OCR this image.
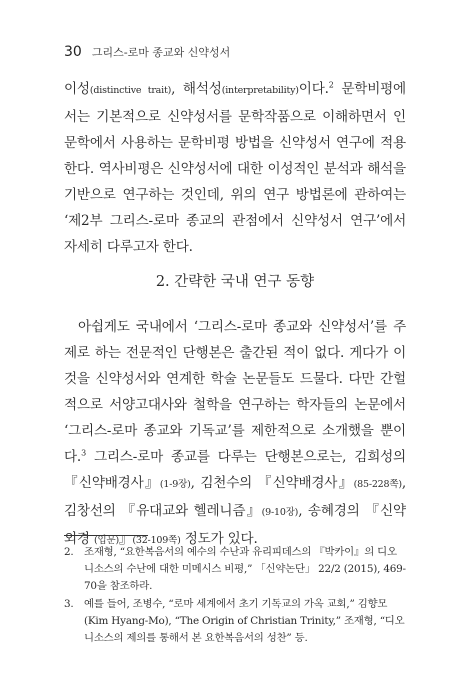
30 그리스-로마 종교와 신약성서

이성(distinctive trait), 해석성(interpretability)이다.$^2$ 문학비평에서는 기본적으로 신약성서를 문학작품으로 이해하면서 인문학에서 사용하는 문학비평 방법을 신약성서 연구에 적용한다. 역사비평은 신약성서에 대한 이성적인 분석과 해석을 기반으로 연구하는 것인데, 위의 연구 방법론에 관하여는 ‘제2부 그리스-로마 종교의 관점에서 신약성서 연구’에서 자세히 다루고자 한다.

2. 간략한 국내 연구 동향

아쉽게도 국내에서 ‘그리스-로마 종교와 신약성서’를 주제로 하는 전문적인 단행본은 출간된 적이 없다. 게다가 이것을 신약성서와 연계한 학술 논문들도 드물다. 다만 간헐적으로 서양고대사와 철학을 연구하는 학자들의 논문에서 ‘그리스-로마 종교와 기독교’를 제한적으로 소개했을 뿐이다.$^3$ 그리스-로마 종교를 다루는 단행본으로는, 김희성의 『신약배경사』(1-9장), 김천수의 『신약배경사』(85-228쪽), 김창선의 『유대교와 헬레니즘』(9-10장), 송혜경의 『신약 외경 (입문)』(32-109쪽) 정도가 있다.

2.	조재형, “요한복음서의 예수의 수난과 유리피데스의 『박카이』의 디오니소스의 수난에 대한 미메시스 비평,” 「신약논단」 22/2 (2015), 469-70을 참조하라.
3.	예를 들어, 조병수, “로마 세계에서 초기 기독교의 가옥 교회,” 김향모(Kim Hyang-Mo), “The Origin of Christian Trinity,” 조재형, “디오니소스의 제의를 통해서 본 요한복음서의 성찬” 등.
